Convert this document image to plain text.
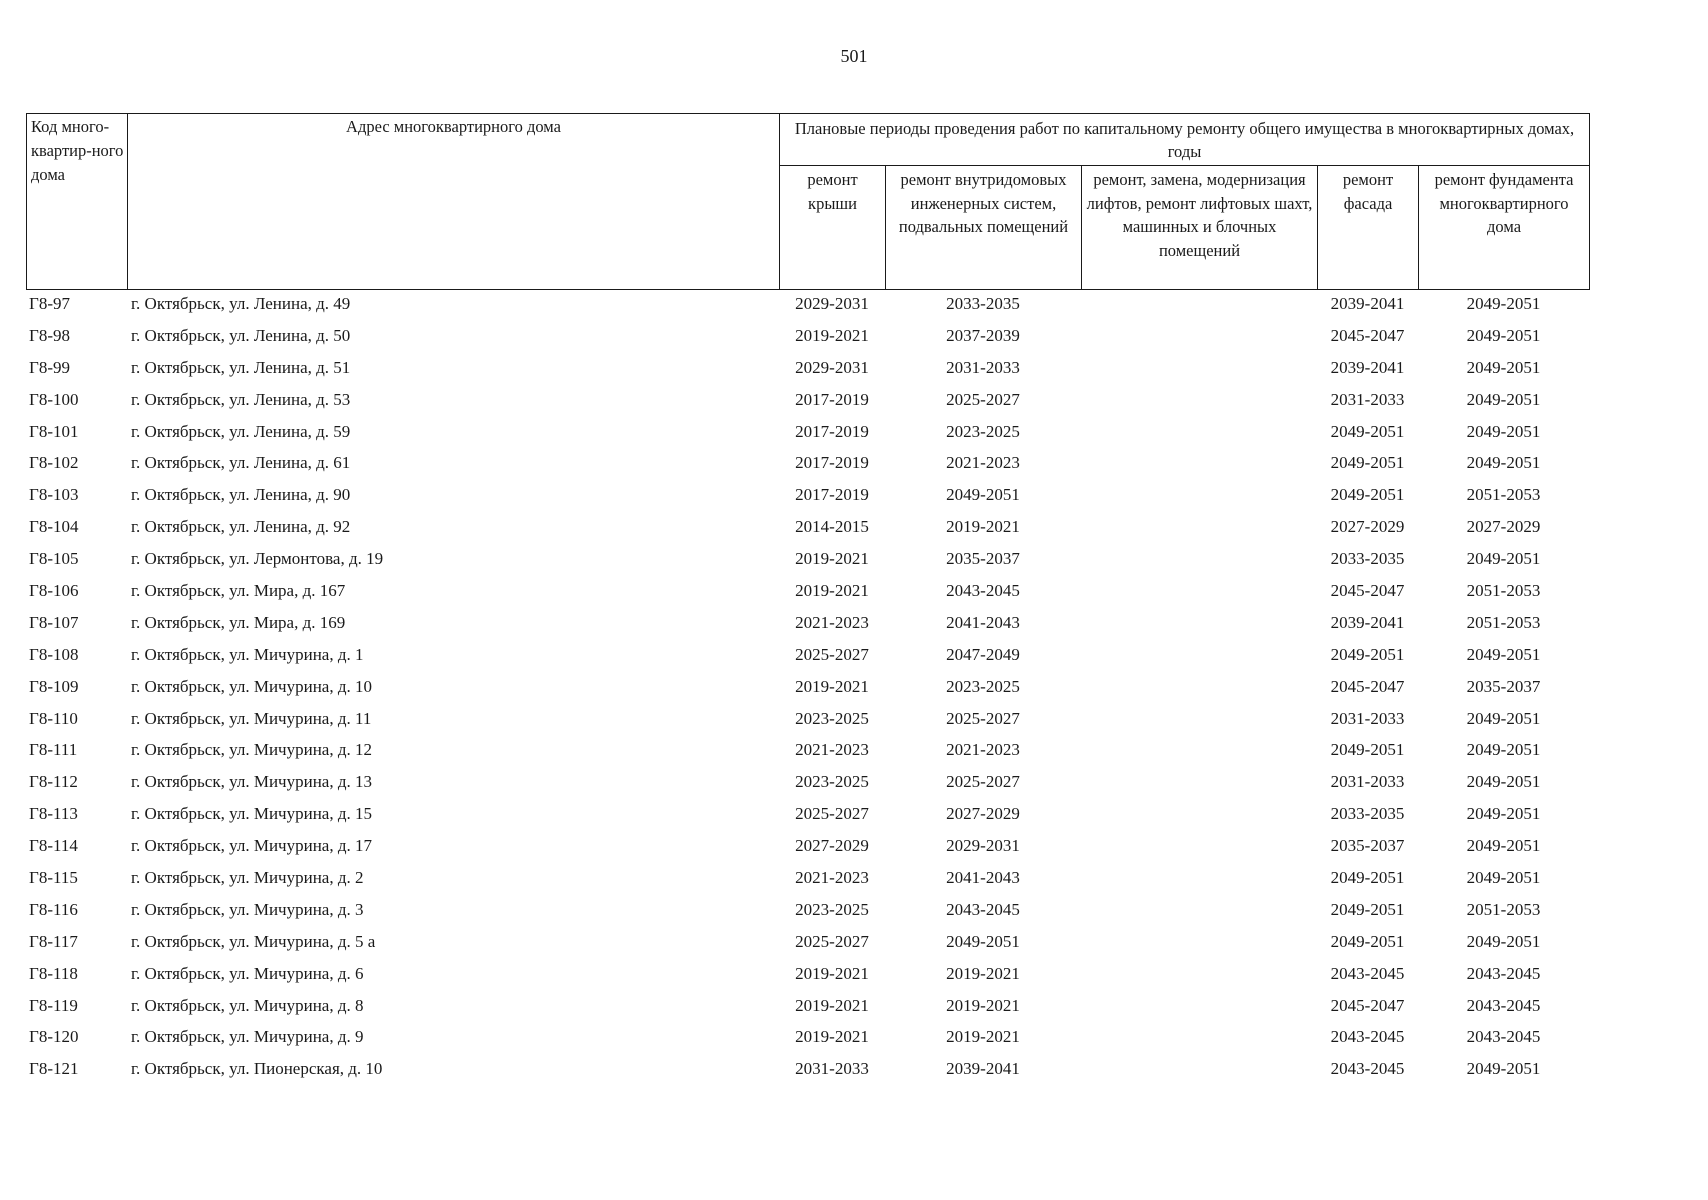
501
Код много-квартир-ного дома	Адрес многоквартирного дома	Плановые периоды проведения работ по капитальному ремонту общего имущества в многоквартирных домах, годы				
		ремонт крыши	ремонт внутридомовых инженерных систем, подвальных помещений	ремонт, замена, модернизация лифтов, ремонт лифтовых шахт, машинных и блочных помещений	ремонт фасада	ремонт фундамента многоквартирного дома
Г8-97	г. Октябрьск, ул. Ленина, д. 49	2029-2031	2033-2035		2039-2041	2049-2051
Г8-98	г. Октябрьск, ул. Ленина, д. 50	2019-2021	2037-2039		2045-2047	2049-2051
Г8-99	г. Октябрьск, ул. Ленина, д. 51	2029-2031	2031-2033		2039-2041	2049-2051
Г8-100	г. Октябрьск, ул. Ленина, д. 53	2017-2019	2025-2027		2031-2033	2049-2051
Г8-101	г. Октябрьск, ул. Ленина, д. 59	2017-2019	2023-2025		2049-2051	2049-2051
Г8-102	г. Октябрьск, ул. Ленина, д. 61	2017-2019	2021-2023		2049-2051	2049-2051
Г8-103	г. Октябрьск, ул. Ленина, д. 90	2017-2019	2049-2051		2049-2051	2051-2053
Г8-104	г. Октябрьск, ул. Ленина, д. 92	2014-2015	2019-2021		2027-2029	2027-2029
Г8-105	г. Октябрьск, ул. Лермонтова, д. 19	2019-2021	2035-2037		2033-2035	2049-2051
Г8-106	г. Октябрьск, ул. Мира, д. 167	2019-2021	2043-2045		2045-2047	2051-2053
Г8-107	г. Октябрьск, ул. Мира, д. 169	2021-2023	2041-2043		2039-2041	2051-2053
Г8-108	г. Октябрьск, ул. Мичурина, д. 1	2025-2027	2047-2049		2049-2051	2049-2051
Г8-109	г. Октябрьск, ул. Мичурина, д. 10	2019-2021	2023-2025		2045-2047	2035-2037
Г8-110	г. Октябрьск, ул. Мичурина, д. 11	2023-2025	2025-2027		2031-2033	2049-2051
Г8-111	г. Октябрьск, ул. Мичурина, д. 12	2021-2023	2021-2023		2049-2051	2049-2051
Г8-112	г. Октябрьск, ул. Мичурина, д. 13	2023-2025	2025-2027		2031-2033	2049-2051
Г8-113	г. Октябрьск, ул. Мичурина, д. 15	2025-2027	2027-2029		2033-2035	2049-2051
Г8-114	г. Октябрьск, ул. Мичурина, д. 17	2027-2029	2029-2031		2035-2037	2049-2051
Г8-115	г. Октябрьск, ул. Мичурина, д. 2	2021-2023	2041-2043		2049-2051	2049-2051
Г8-116	г. Октябрьск, ул. Мичурина, д. 3	2023-2025	2043-2045		2049-2051	2051-2053
Г8-117	г. Октябрьск, ул. Мичурина, д. 5 а	2025-2027	2049-2051		2049-2051	2049-2051
Г8-118	г. Октябрьск, ул. Мичурина, д. 6	2019-2021	2019-2021		2043-2045	2043-2045
Г8-119	г. Октябрьск, ул. Мичурина, д. 8	2019-2021	2019-2021		2045-2047	2043-2045
Г8-120	г. Октябрьск, ул. Мичурина, д. 9	2019-2021	2019-2021		2043-2045	2043-2045
Г8-121	г. Октябрьск, ул. Пионерская, д. 10	2031-2033	2039-2041		2043-2045	2049-2051
